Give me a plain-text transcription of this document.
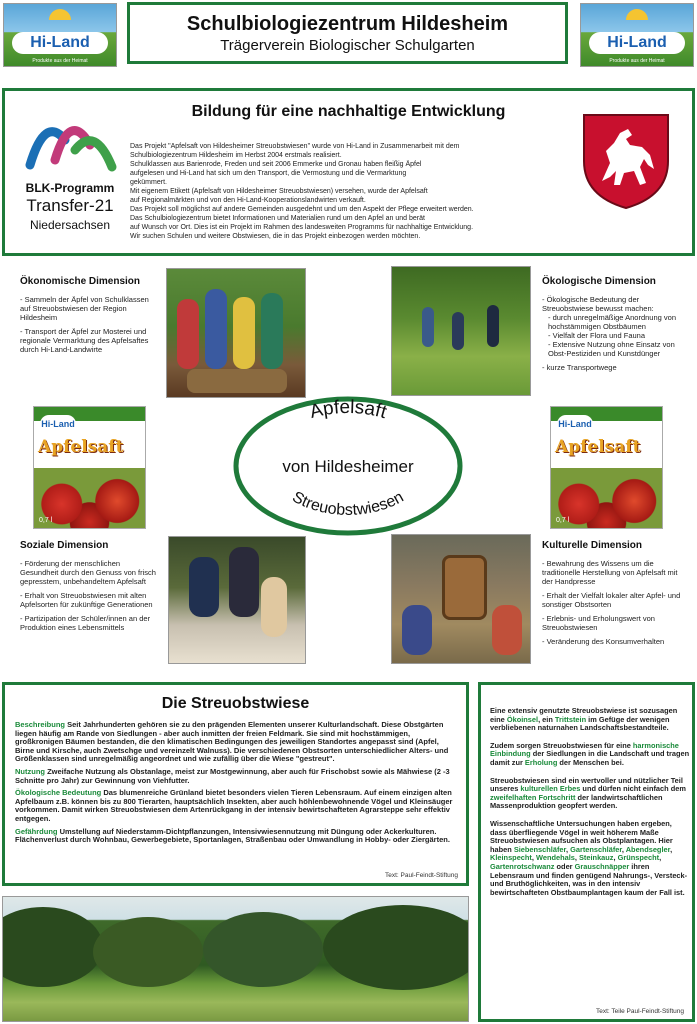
Hi-Land
Produkte aus der Heimat
Schulbiologiezentrum Hildesheim
Trägerverein Biologischer Schulgarten	Hi-Land
Produkte aus der Heimat
Bildung für eine nachhaltige Entwicklung
BLK-Programm
Transfer-21
Niedersachsen
Das Projekt "Apfelsaft von Hildesheimer Streuobstwiesen" wurde von Hi-Land in Zusammenarbeit mit dem
Schulbiologiezentrum Hildesheim im Herbst 2004 erstmals realisiert.
Schulklassen aus Barienrode, Freden und seit 2006 Emmerke und Gronau haben fleißig Äpfel
aufgelesen und Hi-Land hat sich um den Transport, die Vermostung und die Vermarktung
gekümmert.
Mit eigenem Etikett (Apfelsaft von Hildesheimer Streuobstwiesen) versehen, wurde der Apfelsaft
auf Regionalmärkten und von den Hi-Land-Kooperationslandwirten verkauft.
Das Projekt soll möglichst auf andere Gemeinden ausgedehnt und um den Aspekt der Pflege erweitert werden.
Das Schulbiologiezentrum bietet Informationen und Materialien rund um den Apfel an und berät
auf Wunsch vor Ort. Dies ist ein Projekt im Rahmen des landesweiten Programms für nachhaltige Entwicklung.
Wir suchen Schulen und weitere Obstwiesen, die in das Projekt einbezogen werden möchten.
Ökonomische Dimension
- Sammeln der Äpfel von Schulklassen auf Streuobstwiesen der Region Hildesheim
- Transport der Äpfel zur Mosterei und regionale Vermarktung des Apfelsaftes durch Hi-Land-Landwirte
Ökologische Dimension
- Ökologische Bedeutung der Streuobstwiese bewusst machen:
- durch unregelmäßige Anordnung von hochstämmigen Obstbäumen
- Vielfalt der Flora und Fauna
- Extensive Nutzung ohne Einsatz von Obst-Pestiziden und Kunstdünger
- kurze Transportwege
Hi-Land
Apfelsaft
0,7 l
Hi-Land
Apfelsaft
0,7 l
Apfelsaft
von Hildesheimer
Streuobstwiesen
Soziale Dimension
- Förderung der menschlichen Gesundheit durch den Genuss von frisch gepresstem, unbehandeltem Apfelsaft
- Erhalt von Streuobstwiesen mit alten Apfelsorten für zukünftige Generationen
- Partizipation der Schüler/innen an der Produktion eines Lebensmittels
Kulturelle Dimension
- Bewahrung des Wissens um die traditionelle Herstellung von Apfelsaft mit der Handpresse
- Erhalt der Vielfalt lokaler alter Apfel- und sonstiger Obstsorten
- Erlebnis- und Erholungswert von Streuobstwiesen
- Veränderung des Konsumverhalten
Die Streuobstwiese

Beschreibung Seit Jahrhunderten gehören sie zu den prägenden Elementen unserer Kulturlandschaft. Diese Obstgärten liegen häufig am Rande von Siedlungen - aber auch inmitten der freien Feldmark. Sie sind mit hochstämmigen, großkronigen Bäumen bestanden, die den klimatischen Bedingungen des jeweiligen Standortes angepasst sind (Apfel, Birne und Kirsche, auch Zwetschge und vereinzelt Walnuss). Die verschiedenen Obstsorten unterschiedlicher Alters- und Größenklassen sind unregelmäßig angeordnet und wie zufällig über die Wiese "gestreut".

Nutzung Zweifache Nutzung als Obstanlage, meist zur Mostgewinnung, aber auch für Frischobst sowie als Mähwiese (2 -3 Schnitte pro Jahr) zur Gewinnung von Viehfutter.

Ökologische Bedeutung Das blumenreiche Grünland bietet besonders vielen Tieren Lebensraum. Auf einem einzigen alten Apfelbaum z.B. können bis zu 800 Tierarten, hauptsächlich Insekten, aber auch höhlenbewohnende Vögel und Kleinsäuger vorkommen. Damit wirken Streuobstwiesen dem Artenrückgang in der intensiv bewirtschafteten Agrarsteppe sehr effektiv entgegen.

Gefährdung Umstellung auf Niederstamm-Dichtpflanzungen, Intensivwiesennutzung mit Düngung oder Ackerkulturen. Flächenverlust durch Wohnbau, Gewerbegebiete, Sportanlagen, Straßenbau oder Umwandlung in Hobby- oder Ziergärten.

Text: Paul-Feindt-Stiftung

Eine extensiv genutzte Streuobstwiese ist sozusagen eine Ökoinsel, ein Trittstein im Gefüge der wenigen verbliebenen naturnahen Landschaftsbestandteile.

Zudem sorgen Streuobstwiesen für eine harmonische Einbindung der Siedlungen in die Landschaft und tragen damit zur Erholung der Menschen bei.

Streuobstwiesen sind ein wertvoller und nützlicher Teil unseres kulturellen Erbes und dürfen nicht einfach dem zweifelhaften Fortschritt der landwirtschaftlichen Massenproduktion geopfert werden.

Wissenschaftliche Untersuchungen haben ergeben, dass überfliegende Vögel in weit höherem Maße Streuobstwiesen aufsuchen als Obstplantagen. Hier haben Siebenschläfer, Gartenschläfer, Abendsegler, Kleinspecht, Wendehals, Steinkauz, Grünspecht, Gartenrotschwanz oder Grauschnäpper ihren Lebensraum und finden genügend Nahrungs-, Versteck- und Bruthöglichkeiten, was in den intensiv bewirtschafteten Obstbaumplantagen kaum der Fall ist.

Text: Teile Paul-Feindt-Stiftung
